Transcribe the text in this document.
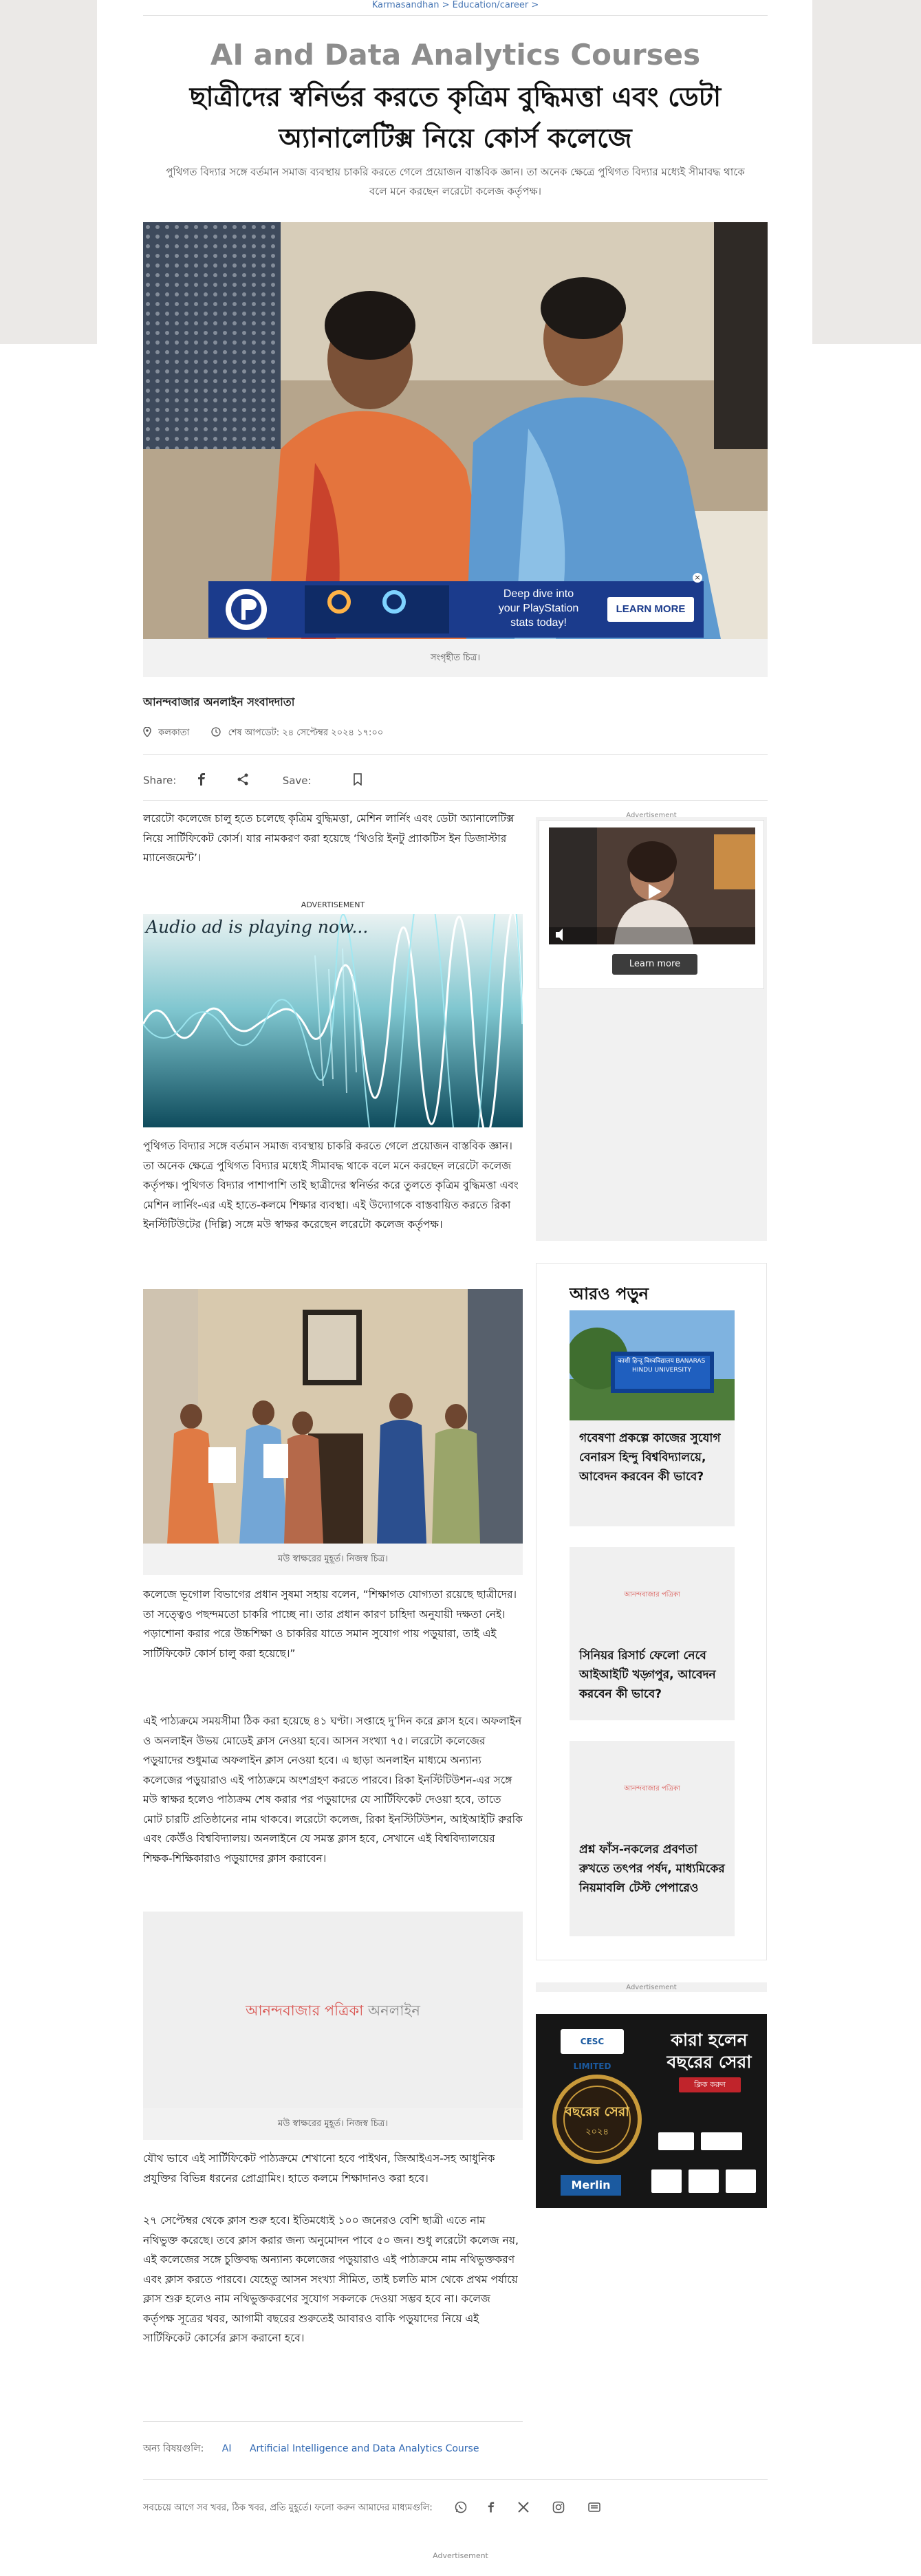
Karmasandhan > Education/career >
AI and Data Analytics Courses
ছাত্রীদের স্বনির্ভর করতে কৃত্রিম বুদ্ধিমত্তা এবং ডেটা অ্যানালেটিক্স নিয়ে কোর্স কলেজে
পুথিগত বিদ্যার সঙ্গে বর্তমান সমাজ ব্যবস্থায় চাকরি করতে গেলে প্রয়োজন বাস্তবিক জ্ঞান। তা অনেক ক্ষেত্রে পুথিগত বিদ্যার মধ্যেই সীমাবদ্ধ থাকে বলে মনে করছেন লরেটো কলেজ কর্তৃপক্ষ।
Deep dive into
your PlayStation
stats today!
LEARN MORE
×
সংগৃহীত চিত্র।
আনন্দবাজার অনলাইন সংবাদদাতা
কলকাতা	শেষ আপডেট: ২৪ সেপ্টেম্বর ২০২৪ ১৭:০০
Share:	Save:
লরেটো কলেজে চালু হতে চলেছে কৃত্রিম বুদ্ধিমত্তা, মেশিন লার্নিং এবং ডেটা অ্যানালেটিক্স নিয়ে সার্টিফিকেট কোর্স। যার নামকরণ করা হয়েছে ‘থিওরি ইনটু প্র্যাকটিস ইন ডিজাস্টার ম্যানেজমেন্ট’।
ADVERTISEMENT
Audio ad is playing now...
পুথিগত বিদ্যার সঙ্গে বর্তমান সমাজ ব্যবস্থায় চাকরি করতে গেলে প্রয়োজন বাস্তবিক জ্ঞান। তা অনেক ক্ষেত্রে পুথিগত বিদ্যার মধ্যেই সীমাবদ্ধ থাকে বলে মনে করছেন লরেটো কলেজ কর্তৃপক্ষ। পুথিগত বিদ্যার পাশাপাশি তাই ছাত্রীদের স্বনির্ভর করে তুলতে কৃত্রিম বুদ্ধিমত্তা এবং মেশিন লার্নিং-এর এই হাতে-কলমে শিক্ষার ব্যবস্থা। এই উদ্যোগকে বাস্তবায়িত করতে রিকা ইনস্টিটিউটের (দিল্লি) সঙ্গে মউ স্বাক্ষর করেছেন লরেটো কলেজ কর্তৃপক্ষ।
মউ স্বাক্ষরের মুহূর্ত। নিজস্ব চিত্র।
কলেজে ভূগোল বিভাগের প্রধান সুষমা সহায় বলেন, “শিক্ষাগত যোগ্যতা রয়েছে ছাত্রীদের। তা সত্ত্বেও পছন্দমতো চাকরি পাচ্ছে না। তার প্রধান কারণ চাহিদা অনুযায়ী দক্ষতা নেই। পড়াশোনা করার পরে উচ্চশিক্ষা ও চাকরির যাতে সমান সুযোগ পায় পড়ুয়ারা, তাই এই সার্টিফিকেট কোর্স চালু করা হয়েছে।”
এই পাঠ্যক্রমে সময়সীমা ঠিক করা হয়েছে ৪১ ঘণ্টা। সপ্তাহে দু’দিন করে ক্লাস হবে। অফলাইন ও অনলাইন উভয় মোডেই ক্লাস নেওয়া হবে। আসন সংখ্যা ৭৫। লরেটো কলেজের পড়ুয়াদের শুধুমাত্র অফলাইন ক্লাস নেওয়া হবে। এ ছাড়া অনলাইন মাধ্যমে অন্যান্য কলেজের পড়ুয়ারাও এই পাঠ্যক্রমে অংশগ্রহণ করতে পারবে। রিকা ইনস্টিটিউশন-এর সঙ্গে মউ স্বাক্ষর হলেও পাঠ্যক্রম শেষ করার পর পড়ুয়াদের যে সার্টিফিকেট দেওয়া হবে, তাতে মোট চারটি প্রতিষ্ঠানের নাম থাকবে। লরেটো কলেজ, রিকা ইনস্টিটিউশন, আইআইটি রুরকি এবং কেউঁও বিশ্ববিদ্যালয়। অনলাইনে যে সমস্ত ক্লাস হবে, সেখানে এই বিশ্ববিদ্যালয়ের শিক্ষক-শিক্ষিকারাও পড়ুয়াদের ক্লাস করাবেন।
আনন্দবাজার পত্রিকা অনলাইন
মউ স্বাক্ষরের মুহূর্ত। নিজস্ব চিত্র।
যৌথ ভাবে এই সার্টিফিকেট পাঠ্যক্রমে শেখানো হবে পাইথন, জিআইএস-সহ আধুনিক প্রযুক্তির বিভিন্ন ধরনের প্রোগ্রামিং। হাতে কলমে শিক্ষাদানও করা হবে।
২৭ সেপ্টেম্বর থেকে ক্লাস শুরু হবে। ইতিমধ্যেই ১০০ জনেরও বেশি ছাত্রী এতে নাম নথিভুক্ত করেছে। তবে ক্লাস করার জন্য অনুমোদন পাবে ৫০ জন। শুধু লরেটো কলেজ নয়, এই কলেজের সঙ্গে চুক্তিবদ্ধ অন্যান্য কলেজের পড়ুয়ারাও এই পাঠ্যক্রমে নাম নথিভুক্তকরণ এবং ক্লাস করতে পারবে। যেহেতু আসন সংখ্যা সীমিত, তাই চলতি মাস থেকে প্রথম পর্যায়ে ক্লাস শুরু হলেও নাম নথিভুক্তকরণের সুযোগ সকলকে দেওয়া সম্ভব হবে না। কলেজ কর্তৃপক্ষ সূত্রের খবর, আগামী বছরের শুরুতেই আবারও বাকি পড়ুয়াদের নিয়ে এই সার্টিফিকেট কোর্সের ক্লাস করানো হবে।
অন্য বিষয়গুলি: AI Artificial Intelligence and Data Analytics Course
সবচেয়ে আগে সব খবর, ঠিক খবর, প্রতি মুহূর্তে। ফলো করুন আমাদের মাধ্যমগুলি:
Advertisement
Advertisement
Learn more
আরও পড়ুন
काशी हिन्दू विश्वविद्यालय BANARAS HINDU UNIVERSITY
গবেষণা প্রকল্পে কাজের সুযোগ বেনারস হিন্দু বিশ্ববিদ্যালয়ে, আবেদন করবেন কী ভাবে?
আনন্দবাজার পত্রিকা
সিনিয়র রিসার্চ ফেলো নেবে আইআইটি খড়্গপুর, আবেদন করবেন কী ভাবে?
আনন্দবাজার পত্রিকা
প্রশ্ন ফাঁস-নকলের প্রবণতা রুখতে তৎপর পর্ষদ, মাধ্যমিকের নিয়মাবলি টেস্ট পেপারেও
Advertisement
CESC LIMITED
কারা হলেন বছরের সেরা
ক্লিক করুন
বছরের সেরা
২০২৪
Merlin
